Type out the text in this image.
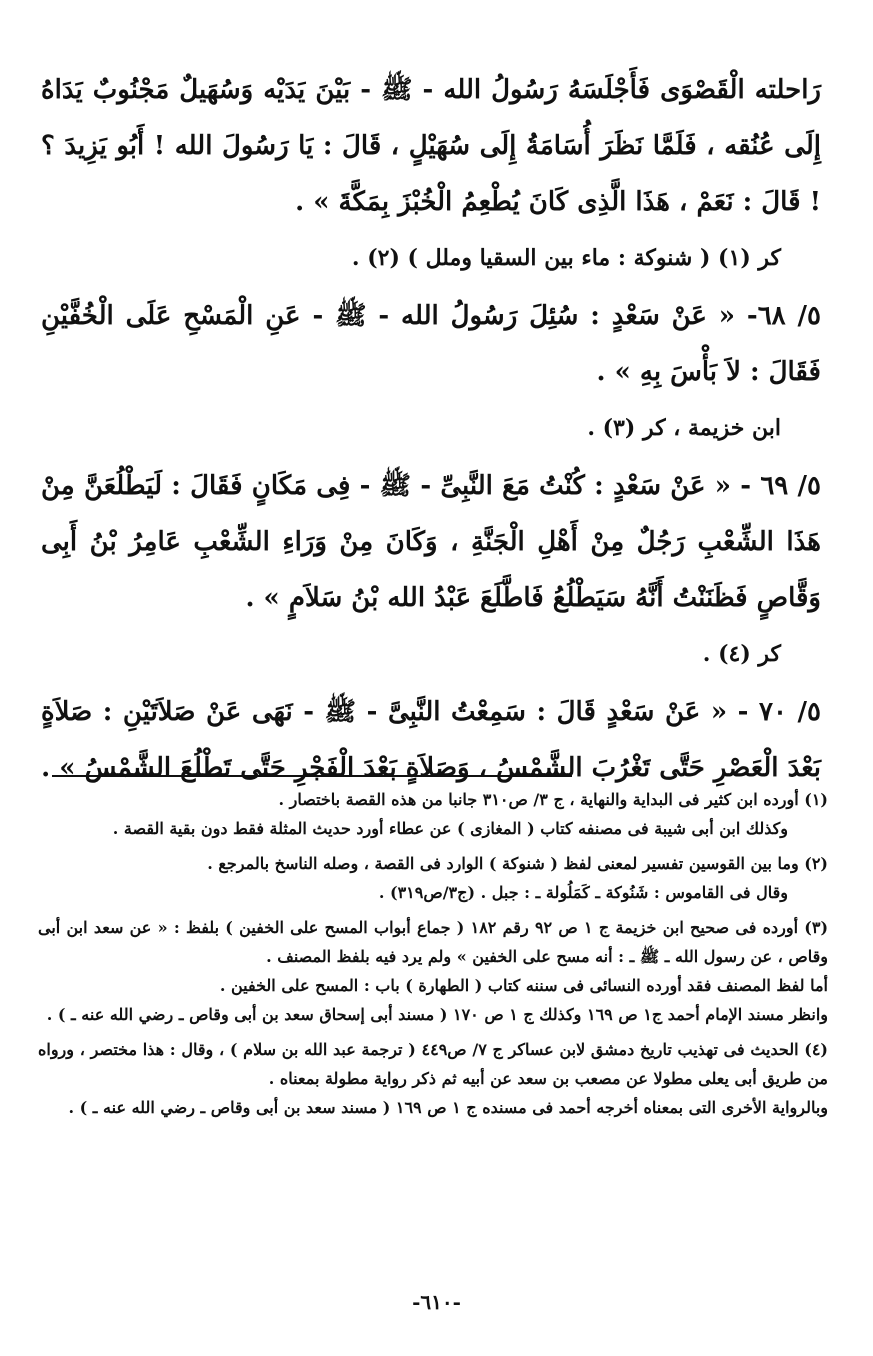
رَاحلته الْقَصْوَى فَأَجْلَسَهُ رَسُولُ الله - ﷺ - بَيْنَ يَدَيْه وَسُهَيلٌ مَجْنُوبٌ يَدَاهُ إِلَى عُنُقه ، فَلَمَّا نَظَرَ أُسَامَةُ إِلَى سُهَيْلٍ ، قَالَ : يَا رَسُولَ الله ! أَبُو يَزِيدَ ؟ ! قَالَ : نَعَمْ ، هَذَا الَّذِى كَانَ يُطْعِمُ الْخُبْزَ بِمَكَّةَ » .

كر (١) ( شنوكة : ماء بين السقيا وملل ) (٢) .

٥/ ٦٨- « عَنْ سَعْدٍ : سُئِلَ رَسُولُ الله - ﷺ - عَنِ الْمَسْحِ عَلَى الْخُفَّيْنِ فَقَالَ : لاَ بَأْسَ بِهِ » .

ابن خزيمة ، كر (٣) .

٥/ ٦٩ - « عَنْ سَعْدٍ : كُنْتُ مَعَ النَّبِىِّ - ﷺ - فِى مَكَانٍ فَقَالَ : لَيَطْلُعَنَّ مِنْ هَذَا الشِّعْبِ رَجُلٌ مِنْ أَهْلِ الْجَنَّةِ ، وَكَانَ مِنْ وَرَاءِ الشِّعْبِ عَامِرُ بْنُ أَبِى وَقَّاصٍ فَظَنَنْتُ أَنَّهُ سَيَطْلُعُ فَاطَّلَعَ عَبْدُ الله بْنُ سَلاَمٍ » .

كر (٤) .

٥/ ٧٠ - « عَنْ سَعْدٍ قَالَ : سَمِعْتُ النَّبِىَّ - ﷺ - نَهَى عَنْ صَلاَتَيْنِ : صَلاَةٍ بَعْدَ الْعَصْرِ حَتَّى تَغْرُبَ الشَّمْسُ ، وَصَلاَةٍ بَعْدَ الْفَجْرِ حَتَّى تَطْلُعَ الشَّمْسُ » .

(١) أورده ابن كثير فى البداية والنهاية ، ج ٣/ ص٣١٠ جانبا من هذه القصة باختصار .

وكذلك ابن أبى شيبة فى مصنفه كتاب ( المغازى ) عن عطاء أورد حديث المثلة فقط دون بقية القصة .

(٢) وما بين القوسين تفسير لمعنى لفظ ( شنوكة ) الوارد فى القصة ، وصله الناسخ بالمرجع .

وقال فى القاموس : شَنُوكة ـ كَمَلُولة ـ : جبل . (ج٣/ص٣١٩) .

(٣) أورده فى صحيح ابن خزيمة ج ١ ص ٩٢ رقم ١٨٢ ( جماع أبواب المسح على الخفين ) بلفظ : « عن سعد ابن أبى وقاص ، عن رسول الله ـ ﷺ ـ : أنه مسح على الخفين » ولم يرد فيه بلفظ المصنف .

أما لفظ المصنف فقد أورده النسائى فى سننه كتاب ( الطهارة ) باب : المسح على الخفين .

وانظر مسند الإمام أحمد ج١ ص ١٦٩ وكذلك ج ١ ص ١٧٠ ( مسند أبى إسحاق سعد بن أبى وقاص ـ رضي الله عنه ـ ) .

(٤) الحديث فى تهذيب تاريخ دمشق لابن عساكر ج ٧/ ص٤٤٩ ( ترجمة عبد الله بن سلام ) ، وقال : هذا مختصر ، ورواه من طريق أبى يعلى مطولا عن مصعب بن سعد عن أبيه ثم ذكر رواية مطولة بمعناه .

وبالرواية الأخرى التى بمعناه أخرجه أحمد فى مسنده ج ١ ص ١٦٩ ( مسند سعد بن أبى وقاص ـ رضي الله عنه ـ ) .

-٦١٠-
